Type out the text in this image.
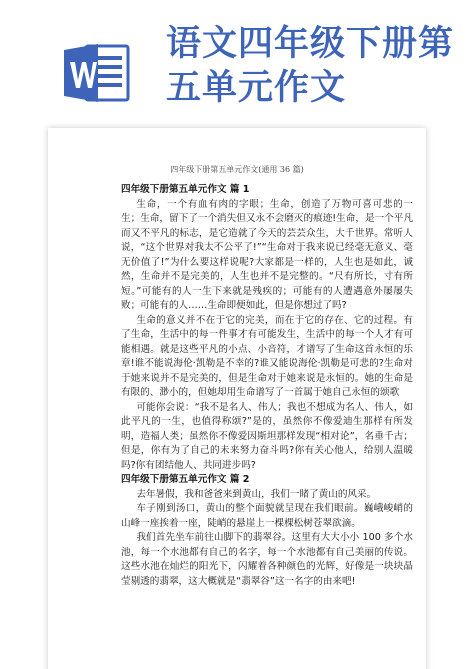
语文四年级下册第五单元作文
四年级下册第五单元作文(通用 36 篇)
四年级下册第五单元作文 篇 1

生命，一个有血有肉的字眼；生命，创造了万物可喜可悲的一生；生命，留下了一个消失但又永不会磨灭的痕迹!生命，是一个平凡而又不平凡的标志，是它造就了今天的芸芸众生，大千世界。常听人说，“这个世界对我太不公平了!”“生命对于我来说已经毫无意义、毫无价值了!”为什么要这样说呢?大家都是一样的，人生也是如此，诚然，生命并不是完美的，人生也并不是完整的。“尺有所长，寸有所短。”可能有的人一生下来就是残疾的；可能有的人遭遇意外屡屡失败；可能有的人……生命即便如此，但是你想过了吗?

生命的意义并不在于它的完美，而在于它的存在、它的过程。有了生命，生活中的每一件事才有可能发生，生活中的每一个人才有可能相遇。就是这些平凡的小点、小音符，才谱写了生命这首永恒的乐章!谁不能说海伦·凯勒是不幸的?谁又能说海伦·凯勒是可悲的?生命对于她来说并不是完美的，但是生命对于她来说是永恒的。她的生命是有限的、渺小的，但她却用生命谱写了一首属于她自己永恒的颂歌

可能你会说：“我不是名人、伟人；我也不想成为名人、伟人，如此平凡的一生，也值得称颂?”是的，虽然你不像爱迪生那样有所发明，造福人类；虽然你不像爱因斯坦那样发现“相对论”，名垂千古；但是，你有为了自己的未来努力奋斗吗?你有关心他人，给别人温暖吗?你有团结他人、共同进步吗?

四年级下册第五单元作文 篇 2

去年暑假，我和爸爸来到黄山，我们一睹了黄山的风采。

车子刚到汤口，黄山的整个面貌就呈现在我们眼前。巍峨峻峭的山峰一座挨着一座，陡峭的悬崖上一棵棵松树苍翠欲滴。

我们首先坐车前往山脚下的翡翠谷。这里有大大小小 100 多个水池，每一个水池都有自己的名字，每一个水池都有自己美丽的传说。这些水池在灿烂的阳光下，闪耀着各种颜色的光辉，好像是一块块晶莹剔透的翡翠，这大概就是“翡翠谷”这一名字的由来吧!
